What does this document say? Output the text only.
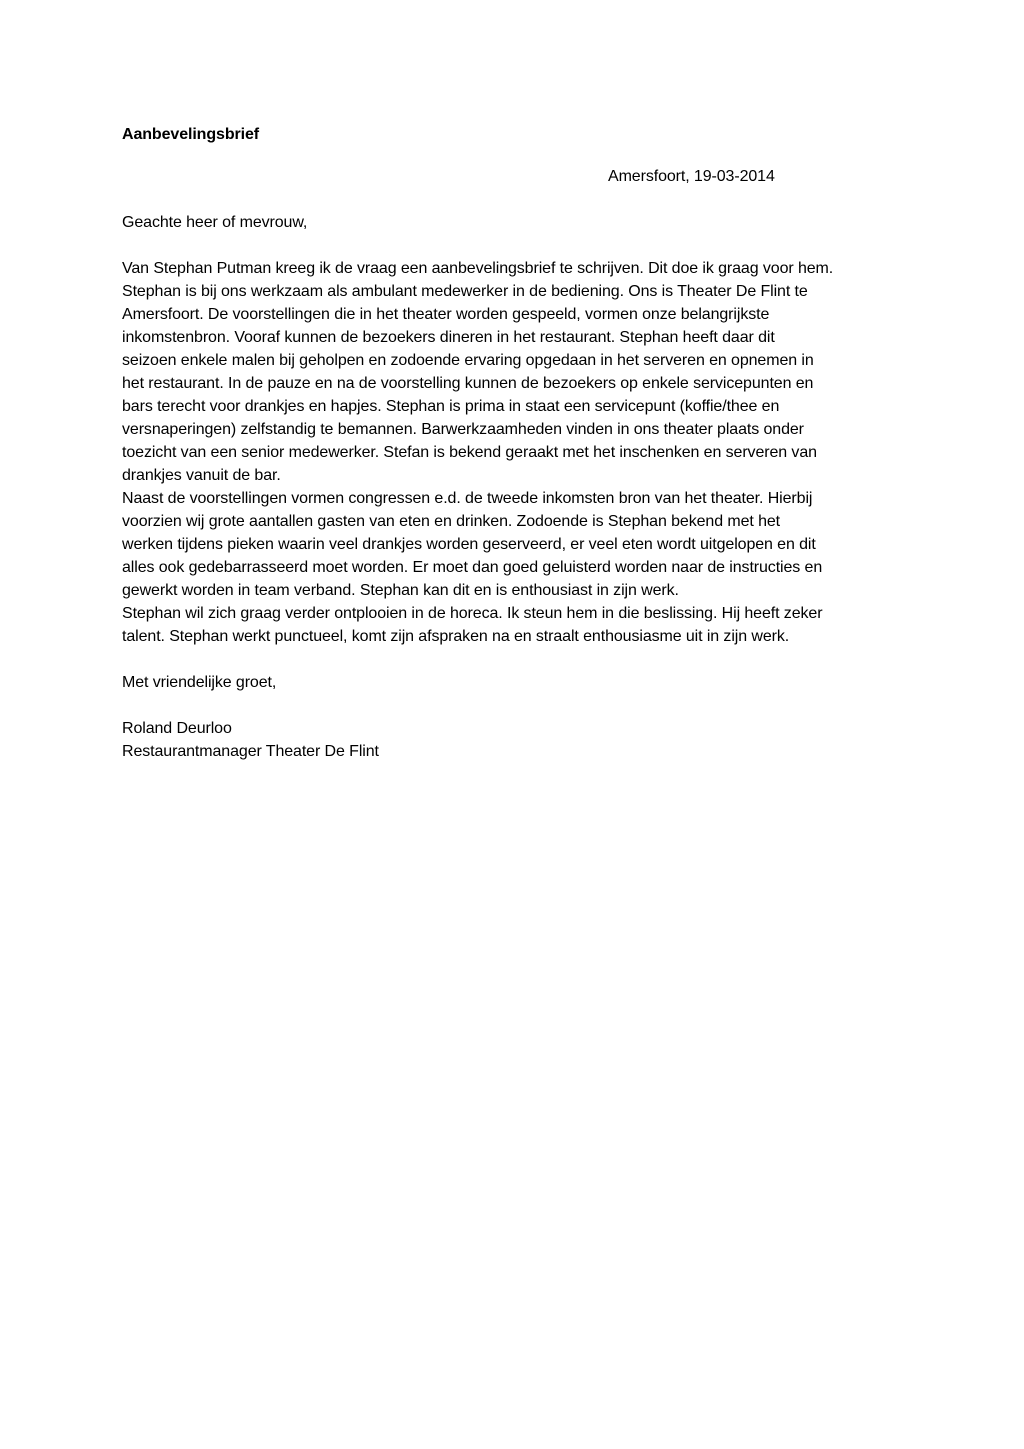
Aanbevelingsbrief
Amersfoort, 19-03-2014
Geachte heer of mevrouw,
Van Stephan Putman kreeg ik de vraag een aanbevelingsbrief te schrijven. Dit doe ik graag voor hem.
Stephan is bij ons werkzaam als ambulant medewerker in de bediening. Ons is Theater De Flint te
Amersfoort. De voorstellingen die in het theater worden gespeeld, vormen onze belangrijkste
inkomstenbron. Vooraf kunnen de bezoekers dineren in het restaurant. Stephan heeft daar dit
seizoen enkele malen bij geholpen en zodoende ervaring opgedaan in het serveren en opnemen in
het restaurant. In de pauze en na de voorstelling kunnen de bezoekers op enkele servicepunten en
bars terecht voor drankjes en hapjes. Stephan is prima in staat een servicepunt (koffie/thee en
versnaperingen) zelfstandig te bemannen. Barwerkzaamheden vinden in ons theater plaats onder
toezicht van een senior medewerker. Stefan is bekend geraakt met het inschenken en serveren van
drankjes vanuit de bar.
Naast de voorstellingen vormen congressen e.d. de tweede inkomsten bron van het theater. Hierbij
voorzien wij grote aantallen gasten van eten en drinken. Zodoende is Stephan bekend met het
werken tijdens pieken waarin veel drankjes worden geserveerd, er veel eten wordt uitgelopen en dit
alles ook gedebarrasseerd moet worden. Er moet dan goed geluisterd worden naar de instructies en
gewerkt worden in team verband. Stephan kan dit en is enthousiast in zijn werk.
Stephan wil zich graag verder ontplooien in de horeca. Ik steun hem in die beslissing. Hij heeft zeker
talent. Stephan werkt punctueel, komt zijn afspraken na en straalt enthousiasme uit in zijn werk.
Met vriendelijke groet,
Roland Deurloo
Restaurantmanager Theater De Flint
